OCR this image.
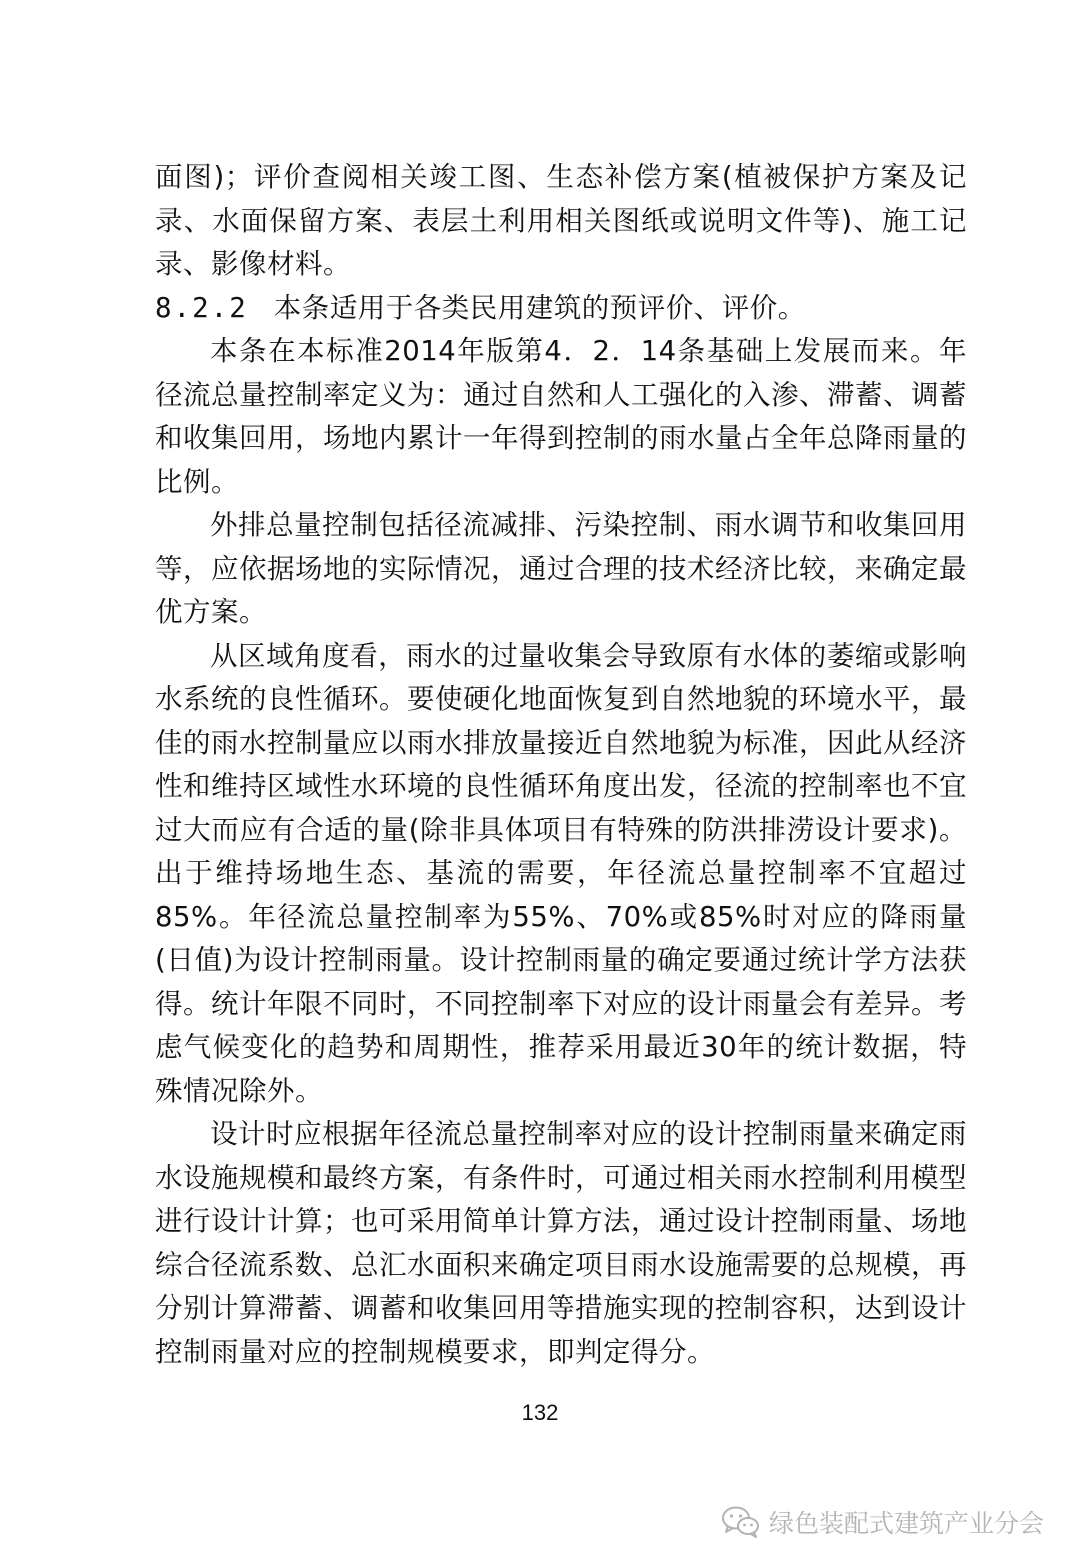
面图)；评价查阅相关竣工图、生态补偿方案(植被保护方案及记录、水面保留方案、表层土利用相关图纸或说明文件等)、施工记录、影像材料。

8.2.2 本条适用于各类民用建筑的预评价、评价。

本条在本标准2014年版第4．2．14条基础上发展而来。年径流总量控制率定义为：通过自然和人工强化的入渗、滞蓄、调蓄和收集回用，场地内累计一年得到控制的雨水量占全年总降雨量的比例。

外排总量控制包括径流减排、污染控制、雨水调节和收集回用等，应依据场地的实际情况，通过合理的技术经济比较，来确定最优方案。

从区域角度看，雨水的过量收集会导致原有水体的萎缩或影响水系统的良性循环。要使硬化地面恢复到自然地貌的环境水平，最佳的雨水控制量应以雨水排放量接近自然地貌为标准，因此从经济性和维持区域性水环境的良性循环角度出发，径流的控制率也不宜过大而应有合适的量(除非具体项目有特殊的防洪排涝设计要求)。出于维持场地生态、基流的需要，年径流总量控制率不宜超过85%。年径流总量控制率为55%、70%或85%时对应的降雨量(日值)为设计控制雨量。设计控制雨量的确定要通过统计学方法获得。统计年限不同时，不同控制率下对应的设计雨量会有差异。考虑气候变化的趋势和周期性，推荐采用最近30年的统计数据，特殊情况除外。

设计时应根据年径流总量控制率对应的设计控制雨量来确定雨水设施规模和最终方案，有条件时，可通过相关雨水控制利用模型进行设计计算；也可采用简单计算方法，通过设计控制雨量、场地综合径流系数、总汇水面积来确定项目雨水设施需要的总规模，再分别计算滞蓄、调蓄和收集回用等措施实现的控制容积，达到设计控制雨量对应的控制规模要求，即判定得分。

132
绿色装配式建筑产业分会
